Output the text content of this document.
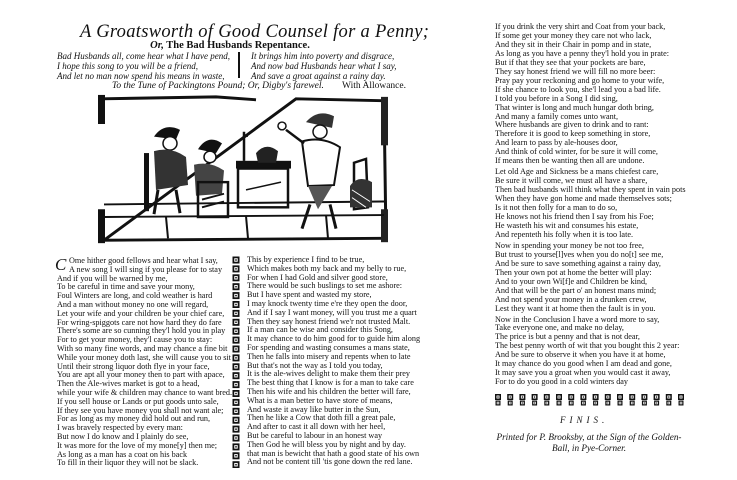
A Groatsworth of Good Counsel for a Penny;
Or, The Bad Husbands Repentance.
Bad Husbands all, come hear what I have pend,
I hope this song to you will be a friend,
And let no man now spend his means in waste,
It brings him into poverty and disgrace,
And now bad Husbands hear what I say,
And save a groat against a rainy day.
To the Tune of Packingtons Pound; Or, Digby's farewel. With Allowance.
C Ome hither good fellows and hear what I say,

A new song I will sing if you please for to stay

And if you will be warned by me,

To be careful in time and save your mony,

Foul Winters are long, and cold weather is hard

And a man without money no one will regard,

Let your wife and your children be your chief care,

For wring-spiggots care not how hard they do fare

There's some are so cunning they'l hold you in play

For to get your money, they'l cause you to stay:

With so many fine words, and may chance a fine bit

While your money doth last, she will cause you to sit

Until their strong liquor doth flye in your face,

You are apt all your money then to part with apace,

Then the Ale-wives market is got to a head,

while your wife & children may chance to want bred.

If you sell house or Lands or put goods unto sale,

If they see you have money you shall not want ale;

For as long as my money did hold out and run,

I was bravely respected by every man:

But now I do know and I plainly do see,

It was more for the love of my mone[y] then me;

As long as a man has a coat on his back

To fill in their liquor they will not be slack.

This by experience I find to be true,

Which makes both my back and my belly to rue,

For when I had Gold and silver good store,

There would be such buslings to set me ashore:

But I have spent and wasted my store,

I may knock twenty time e're they open the door,

And if I say I want money, will you trust me a quart

Then they say honest friend we'r not trusted Malt.

If a man can be wise and consider this Song,

It may chance to do him good for to guide him along

For spending and wasting consumes a mans state,

Then he falls into misery and repents when to late

But that's not the way as I told you today,

It is the ale-wives delight to make them their prey

The best thing that I know is for a man to take care

Then his wife and his children the better will fare,

What is a man better to have store of means,

And waste it away like butter in the Sun,

Then he like a Cow that doth fill a great pale,

And after to cast it all down with her heel,

But be careful to labour in an honest way

Then God he will bless you by night and by day.

that man is bewicht that hath a good state of his own

And not be content till 'tis gone down the red lane.

If you drink the very shirt and Coat from your back,

If some get your money they care not who lack,

And they sit in their Chair in pomp and in state,

As long as you have a penny they'l hold you in prate:

But if that they see that your pockets are bare,

They say honest friend we will fill no more beer:

Pray pay your reckoning and go home to your wife,

If she chance to look you, she'l lead you a bad life.

I told you before in a Song I did sing,

That winter is long and much hungar doth bring,

And many a family comes unto want,

Where husbands are given to drink and to rant:

Therefore it is good to keep something in store,

And learn to pass by ale-houses door,

And think of cold winter, for be sure it will come,

If means then be wanting then all are undone.

Let old Age and Sickness be a mans chiefest care,

Be sure it will come, we must all have a share,

Then bad husbands will think what they spent in vain pots

When they have gon home and made themselves sots;

Is it not then folly for a man to do so,

He knows not his friend then I say from his Foe;

He wasteth his wit and consumes his estate,

And repenteth his folly when it is too late.

Now in spending your money be not too free,

But trust to yourse[l]ves when you do no[t] see me,

And be sure to save something against a rainy day,

Then your own pot at home the better will play:

And to your own Wi[f]e and Children be kind,

And that will be the part o' an honest mans mind;

And not spend your money in a drunken crew,

Lest they want it at home then the fault is in you.

Now in the Conclusion I have a word more to say,

Take everyone one, and make no delay,

The price is but a penny and that is not dear,

The best penny worth of wit that you bought this 2 year:

And be sure to observe it when you have it at home,

It may chance do you good when I am dead and gone,

It may save you a groat when you would cast it away,

For to do you good in a cold winters day

FINIS.
Printed for P. Brooksby, at the Sign of the Golden-
Ball, in Pye-Corner.
